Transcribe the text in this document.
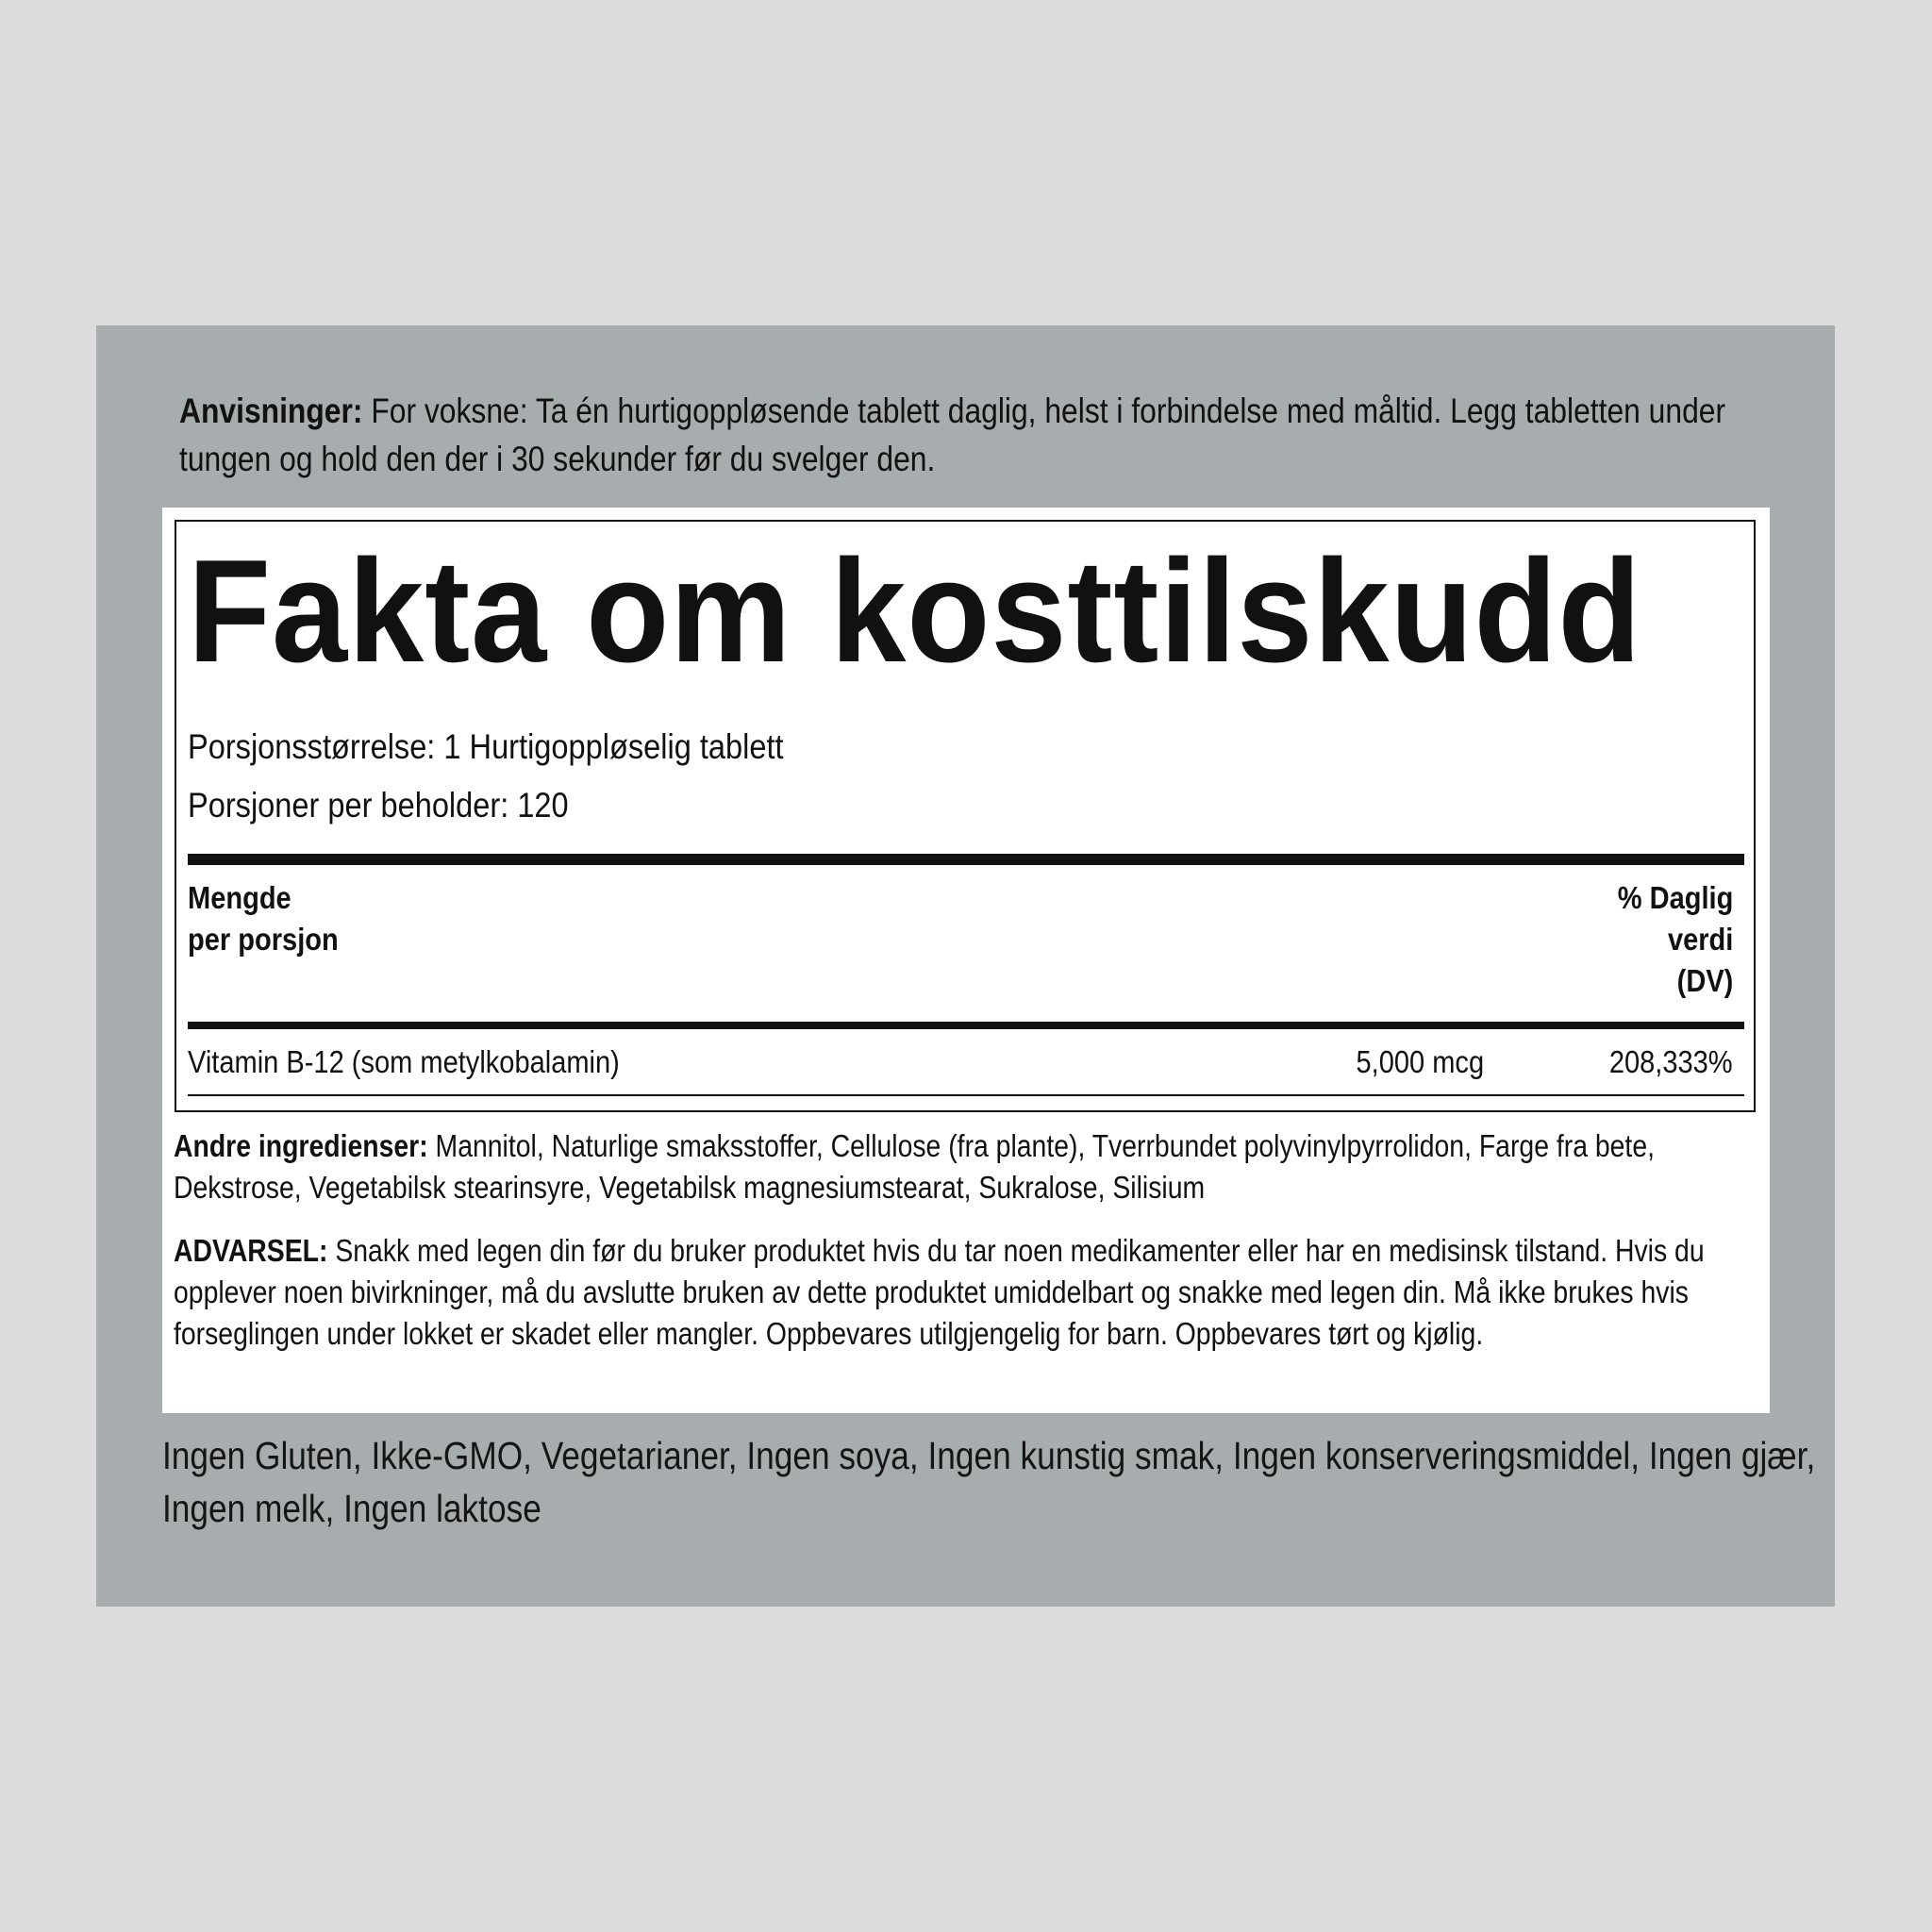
Anvisninger: For voksne: Ta én hurtigoppløsende tablett daglig, helst i forbindelse med måltid. Legg tabletten under tungen og hold den der i 30 sekunder før du svelger den.
Fakta om kosttilskudd
Porsjonsstørrelse: 1 Hurtigoppløselig tablett
Porsjoner per beholder: 120
Mengde
per porsjon
% Daglig
verdi
(DV)
Vitamin B-12 (som metylkobalamin)	5,000 mcg	208,333%
Andre ingredienser: Mannitol, Naturlige smaksstoffer, Cellulose (fra plante), Tverrbundet polyvinylpyrrolidon, Farge fra bete, Dekstrose, Vegetabilsk stearinsyre, Vegetabilsk magnesiumstearat, Sukralose, Silisium
ADVARSEL: Snakk med legen din før du bruker produktet hvis du tar noen medikamenter eller har en medisinsk tilstand. Hvis du opplever noen bivirkninger, må du avslutte bruken av dette produktet umiddelbart og snakke med legen din. Må ikke brukes hvis forseglingen under lokket er skadet eller mangler. Oppbevares utilgjengelig for barn. Oppbevares tørt og kjølig.
Ingen Gluten, Ikke-GMO, Vegetarianer, Ingen soya, Ingen kunstig smak, Ingen konserveringsmiddel, Ingen gjær, Ingen melk, Ingen laktose
